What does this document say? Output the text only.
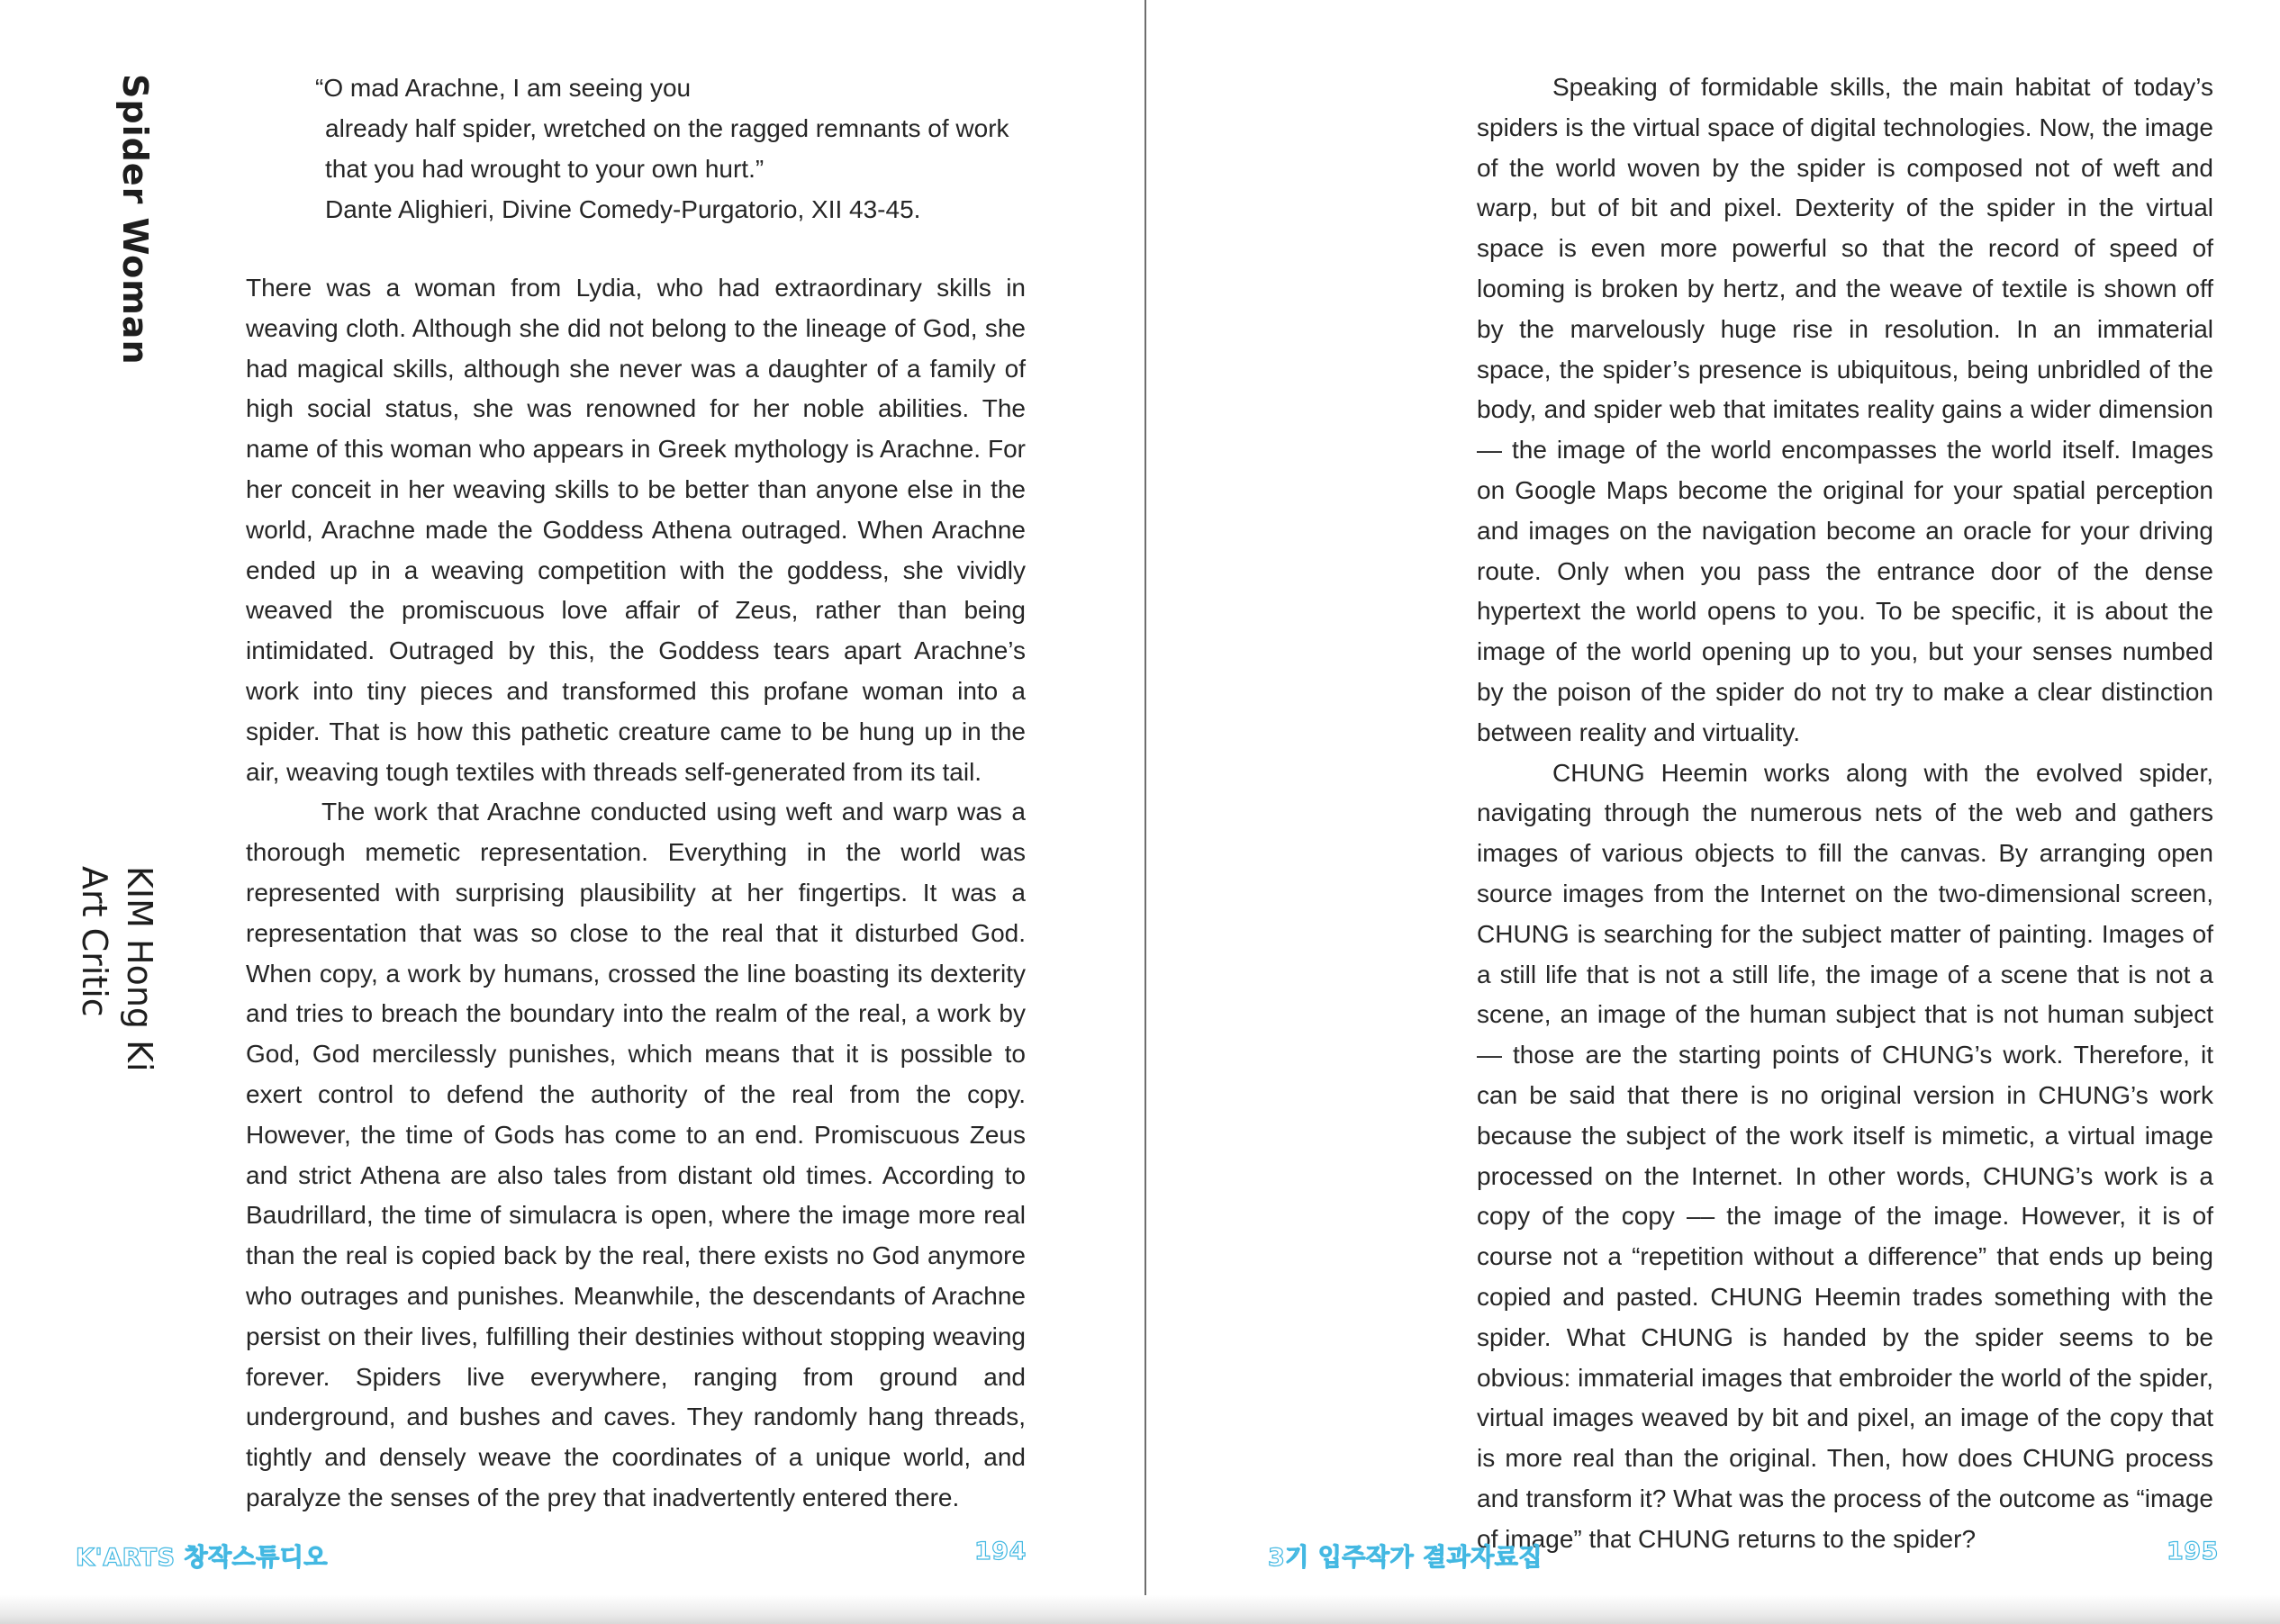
Spider Woman
KIM Hong Ki
Art Critic

“O mad Arachne, I am seeing you

already half spider, wretched on the ragged remnants of work

that you had wrought to your own hurt.”

Dante Alighieri, Divine Comedy-Purgatorio, XII 43-45.

There was a woman from Lydia, who had extraordinary skills in weaving cloth. Although she did not belong to the lineage of God, she had magical skills, although she never was a daughter of a family of high social status, she was renowned for her noble abilities. The name of this woman who appears in Greek mythology is Arachne. For her conceit in her weaving skills to be better than anyone else in the world, Arachne made the Goddess Athena outraged. When Arachne ended up in a weaving competition with the goddess, she vividly weaved the promiscuous love affair of Zeus, rather than being intimidated. Outraged by this, the Goddess tears apart Arachne’s work into tiny pieces and transformed this profane woman into a spider. That is how this pathetic creature came to be hung up in the air, weaving tough textiles with threads self-generated from its tail.

The work that Arachne conducted using weft and warp was a thorough memetic representation. Everything in the world was represented with surprising plausibility at her fingertips. It was a representation that was so close to the real that it disturbed God. When copy, a work by humans, crossed the line boasting its dexterity and tries to breach the boundary into the realm of the real, a work by God, God mercilessly punishes, which means that it is possible to exert control to defend the authority of the real from the copy. However, the time of Gods has come to an end. Promiscuous Zeus and strict Athena are also tales from distant old times. According to Baudrillard, the time of simulacra is open, where the image more real than the real is copied back by the real, there exists no God anymore who outrages and punishes. Meanwhile, the descendants of Arachne persist on their lives, fulfilling their destinies without stopping weaving forever. Spiders live everywhere, ranging from ground and underground, and bushes and caves. They randomly hang threads, tightly and densely weave the coordinates of a unique world, and paralyze the senses of the prey that inadvertently entered there.

K'ARTS 창작스튜디오	194

Speaking of formidable skills, the main habitat of today’s spiders is the virtual space of digital technologies. Now, the image of the world woven by the spider is composed not of weft and warp, but of bit and pixel. Dexterity of the spider in the virtual space is even more powerful so that the record of speed of looming is broken by hertz, and the weave of textile is shown off by the marvelously huge rise in resolution. In an immaterial space, the spider’s presence is ubiquitous, being unbridled of the body, and spider web that imitates reality gains a wider dimension — the image of the world encompasses the world itself. Images on Google Maps become the original for your spatial perception and images on the navigation become an oracle for your driving route. Only when you pass the entrance door of the dense hypertext the world opens to you. To be specific, it is about the image of the world opening up to you, but your senses numbed by the poison of the spider do not try to make a clear distinction between reality and virtuality.

CHUNG Heemin works along with the evolved spider, navigating through the numerous nets of the web and gathers images of various objects to fill the canvas. By arranging open source images from the Internet on the two-dimensional screen, CHUNG is searching for the subject matter of painting. Images of a still life that is not a still life, the image of a scene that is not a scene, an image of the human subject that is not human subject — those are the starting points of CHUNG’s work. Therefore, it can be said that there is no original version in CHUNG’s work because the subject of the work itself is mimetic, a virtual image processed on the Internet. In other words, CHUNG’s work is a copy of the copy –– the image of the image. However, it is of course not a “repetition without a difference” that ends up being copied and pasted. CHUNG Heemin trades something with the spider. What CHUNG is handed by the spider seems to be obvious: immaterial images that embroider the world of the spider, virtual images weaved by bit and pixel, an image of the copy that is more real than the original. Then, how does CHUNG process and transform it? What was the process of the outcome as “image of image” that CHUNG returns to the spider?

3기 입주작가 결과자료집	195
